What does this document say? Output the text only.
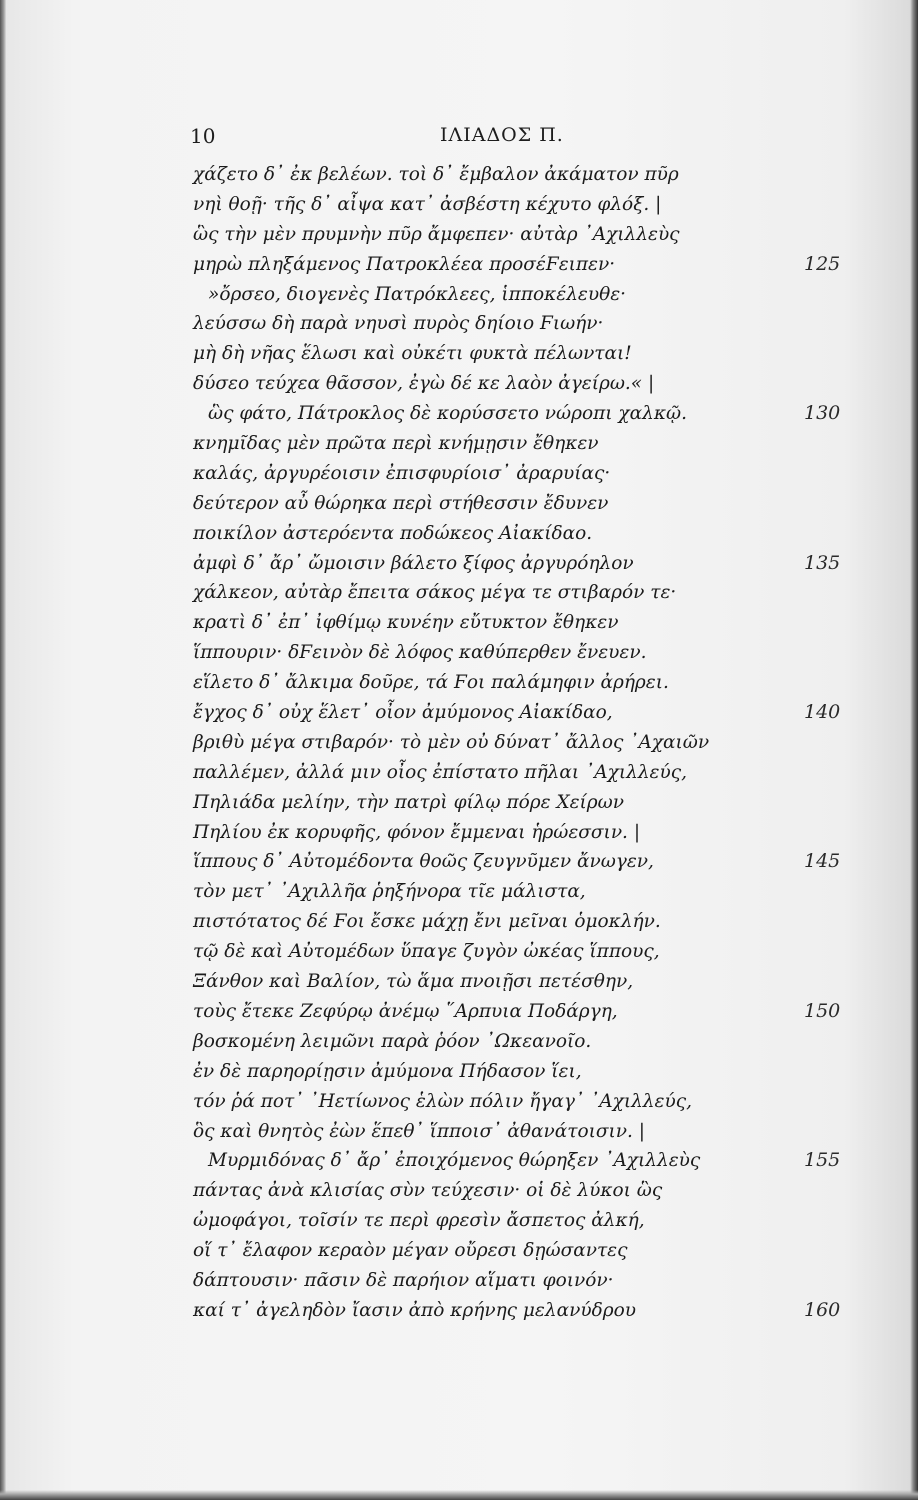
10	ΙΛΙΑΔΟΣ Π.
χάζετο δ᾽ ἐκ βελέων. τοὶ δ᾽ ἔμβαλον ἀκάματον πῦρ
νηὶ θοῇ· τῆς δ᾽ αἶψα κατ᾽ ἀσβέστη κέχυτο φλόξ. |
ὣς τὴν μὲν πρυμνὴν πῦρ ἄμφεπεν· αὐτὰρ ᾽Αχιλλεὺς
μηρὼ πληξάμενος Πατροκλέεα προσέϜειπεν·	125
»ὄρσεο, διογενὲς Πατρόκλεες, ἱπποκέλευθε·
λεύσσω δὴ παρὰ νηυσὶ πυρὸς δηίοιο Ϝιωήν·
μὴ δὴ νῆας ἕλωσι καὶ οὐκέτι φυκτὰ πέλωνται!
δύσεο τεύχεα θᾶσσον, ἐγὼ δέ κε λαὸν ἀγείρω.« |
ὣς φάτο, Πάτροκλος δὲ κορύσσετο νώροπι χαλκῷ.	130
κνημῖδας μὲν πρῶτα περὶ κνήμῃσιν ἔθηκεν
καλάς, ἀργυρέοισιν ἐπισφυρίοισ᾽ ἀραρυίας·
δεύτερον αὖ θώρηκα περὶ στήθεσσιν ἔδυνεν
ποικίλον ἀστερόεντα ποδώκεος Αἰακίδαο.
ἀμφὶ δ᾽ ἄρ᾽ ὤμοισιν βάλετο ξίφος ἀργυρόηλον	135
χάλκεον, αὐτὰρ ἔπειτα σάκος μέγα τε στιβαρόν τε·
κρατὶ δ᾽ ἐπ᾽ ἰφθίμῳ κυνέην εὔτυκτον ἔθηκεν
ἵππουριν· δϜεινὸν δὲ λόφος καθύπερθεν ἔνευεν.
εἵλετο δ᾽ ἄλκιμα δοῦρε, τά Ϝοι παλάμηφιν ἀρήρει.
ἔγχος δ᾽ οὐχ ἕλετ᾽ οἶον ἀμύμονος Αἰακίδαο,	140
βριθὺ μέγα στιβαρόν· τὸ μὲν οὐ δύνατ᾽ ἄλλος ᾽Αχαιῶν
παλλέμεν, ἀλλά μιν οἶος ἐπίστατο πῆλαι ᾽Αχιλλεύς,
Πηλιάδα μελίην, τὴν πατρὶ φίλῳ πόρε Χείρων
Πηλίου ἐκ κορυφῆς, φόνον ἔμμεναι ἡρώεσσιν. |
ἵππους δ᾽ Αὐτομέδοντα θοῶς ζευγνῦμεν ἄνωγεν,	145
τὸν μετ᾽ ᾽Αχιλλῆα ῥηξήνορα τῖε μάλιστα,
πιστότατος δέ Ϝοι ἔσκε μάχῃ ἔνι μεῖναι ὁμοκλήν.
τῷ δὲ καὶ Αὐτομέδων ὕπαγε ζυγὸν ὠκέας ἵππους,
Ξάνθον καὶ Βαλίον, τὼ ἅμα πνοιῇσι πετέσθην,
τοὺς ἔτεκε Ζεφύρῳ ἀνέμῳ ῞Αρπυια Ποδάργη,	150
βοσκομένη λειμῶνι παρὰ ῥόον ᾽Ωκεανοῖο.
ἐν δὲ παρηορίῃσιν ἀμύμονα Πήδασον ἵει,
τόν ῥά ποτ᾽ ᾽Ηετίωνος ἑλὼν πόλιν ἤγαγ᾽ ᾽Αχιλλεύς,
ὃς καὶ θνητὸς ἐὼν ἕπεθ᾽ ἵπποισ᾽ ἀθανάτοισιν. |
Μυρμιδόνας δ᾽ ἄρ᾽ ἐποιχόμενος θώρηξεν ᾽Αχιλλεὺς	155
πάντας ἀνὰ κλισίας σὺν τεύχεσιν· οἱ δὲ λύκοι ὣς
ὠμοφάγοι, τοῖσίν τε περὶ φρεσὶν ἄσπετος ἀλκή,
οἵ τ᾽ ἔλαφον κεραὸν μέγαν οὔρεσι δῃώσαντες
δάπτουσιν· πᾶσιν δὲ παρήιον αἵματι φοινόν·
καί τ᾽ ἀγεληδὸν ἴασιν ἀπὸ κρήνης μελανύδρου	160
